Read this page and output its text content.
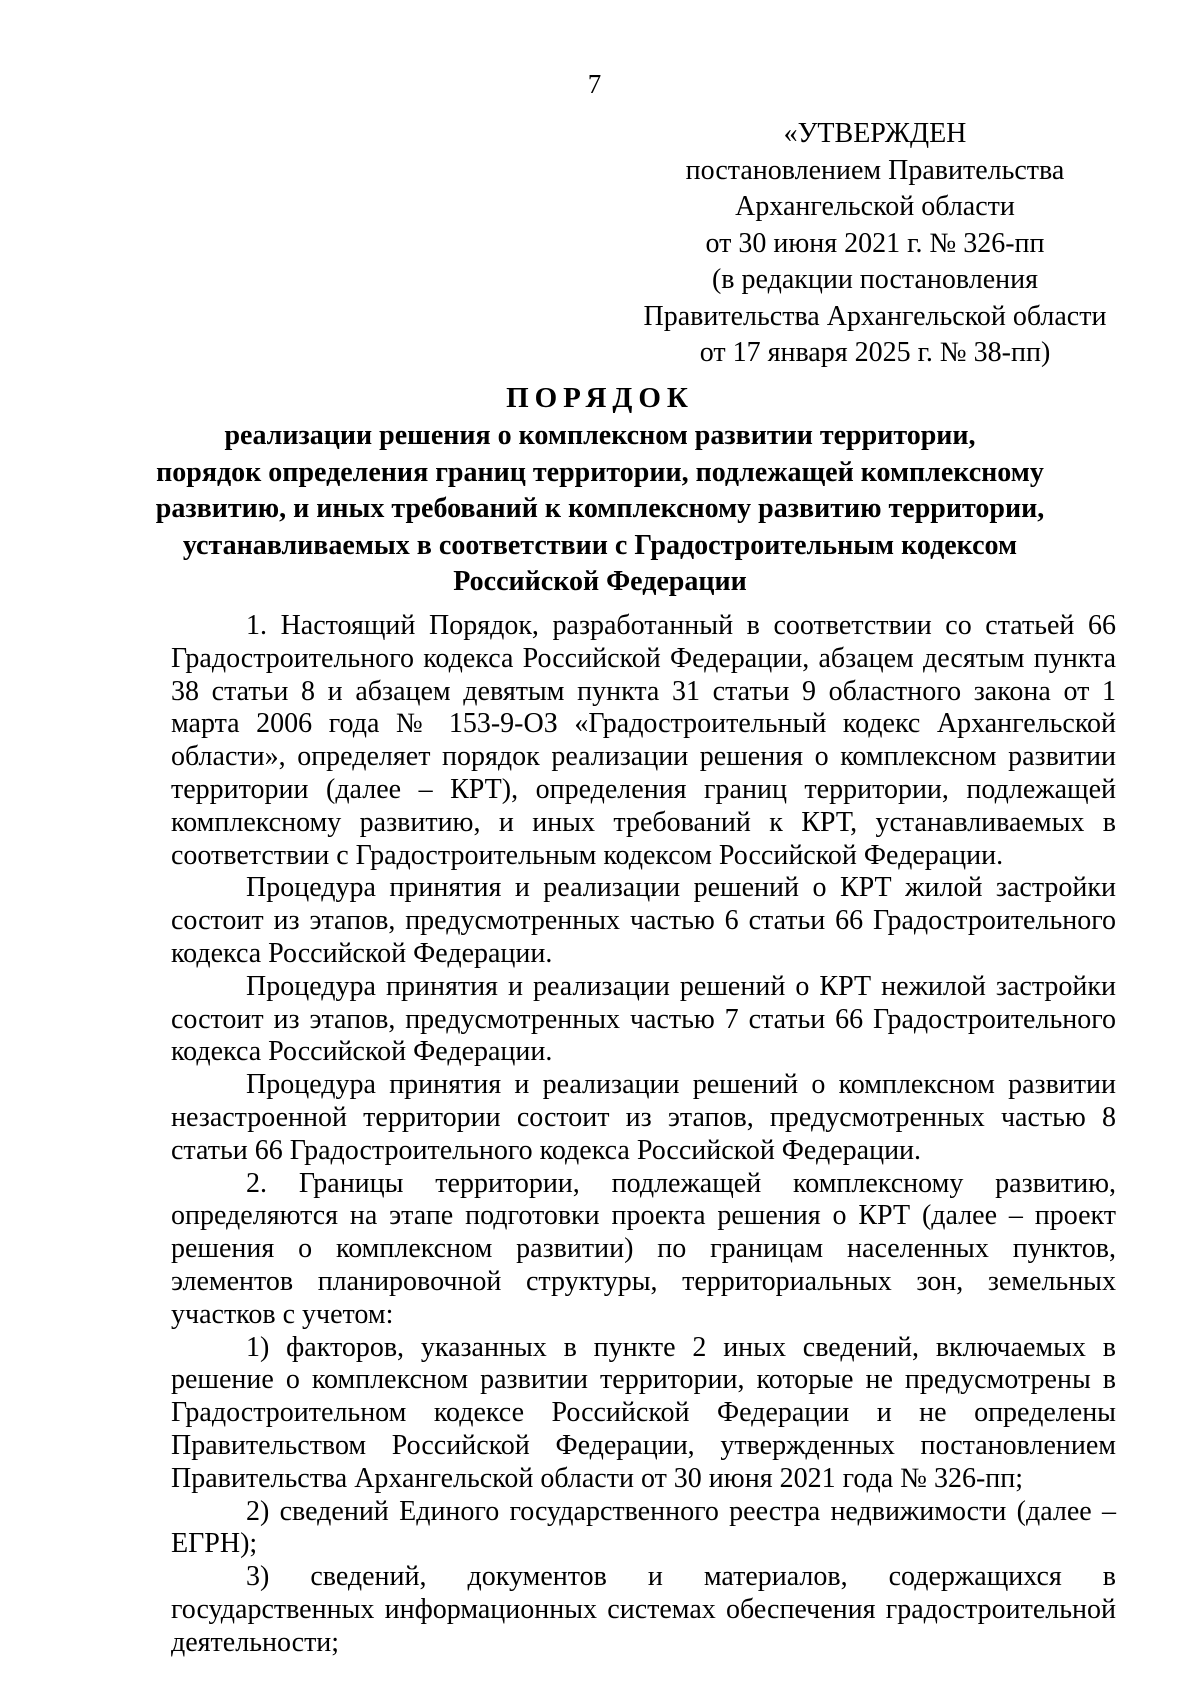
7
«УТВЕРЖДЕН
постановлением Правительства
Архангельской области
от 30 июня 2021 г. № 326-пп
(в редакции постановления
Правительства Архангельской области
от 17 января 2025 г. № 38-пп)
ПОРЯДОК
реализации решения о комплексном развитии территории,
порядок определения границ территории, подлежащей комплексному
развитию, и иных требований к комплексному развитию территории,
устанавливаемых в соответствии с Градостроительным кодексом
Российской Федерации

1. Настоящий Порядок, разработанный в соответствии со статьей 66 Градостроительного кодекса Российской Федерации, абзацем десятым пункта 38 статьи 8 и абзацем девятым пункта 31 статьи 9 областного закона от 1 марта 2006 года № 153-9-ОЗ «Градостроительный кодекс Архангельской области», определяет порядок реализации решения о комплексном развитии территории (далее – КРТ), определения границ территории, подлежащей комплексному развитию, и иных требований к КРТ, устанавливаемых в соответствии с Градостроительным кодексом Российской Федерации.

Процедура принятия и реализации решений о КРТ жилой застройки состоит из этапов, предусмотренных частью 6 статьи 66 Градостроительного кодекса Российской Федерации.

Процедура принятия и реализации решений о КРТ нежилой застройки состоит из этапов, предусмотренных частью 7 статьи 66 Градостроительного кодекса Российской Федерации.

Процедура принятия и реализации решений о комплексном развитии незастроенной территории состоит из этапов, предусмотренных частью 8 статьи 66 Градостроительного кодекса Российской Федерации.

2. Границы территории, подлежащей комплексному развитию, определяются на этапе подготовки проекта решения о КРТ (далее – проект решения о комплексном развитии) по границам населенных пунктов, элементов планировочной структуры, территориальных зон, земельных участков с учетом:

1) факторов, указанных в пункте 2 иных сведений, включаемых в решение о комплексном развитии территории, которые не предусмотрены в Градостроительном кодексе Российской Федерации и не определены Правительством Российской Федерации, утвержденных постановлением Правительства Архангельской области от 30 июня 2021 года № 326-пп;

2) сведений Единого государственного реестра недвижимости (далее – ЕГРН);

3) сведений, документов и материалов, содержащихся в государственных информационных системах обеспечения градостроительной деятельности;
